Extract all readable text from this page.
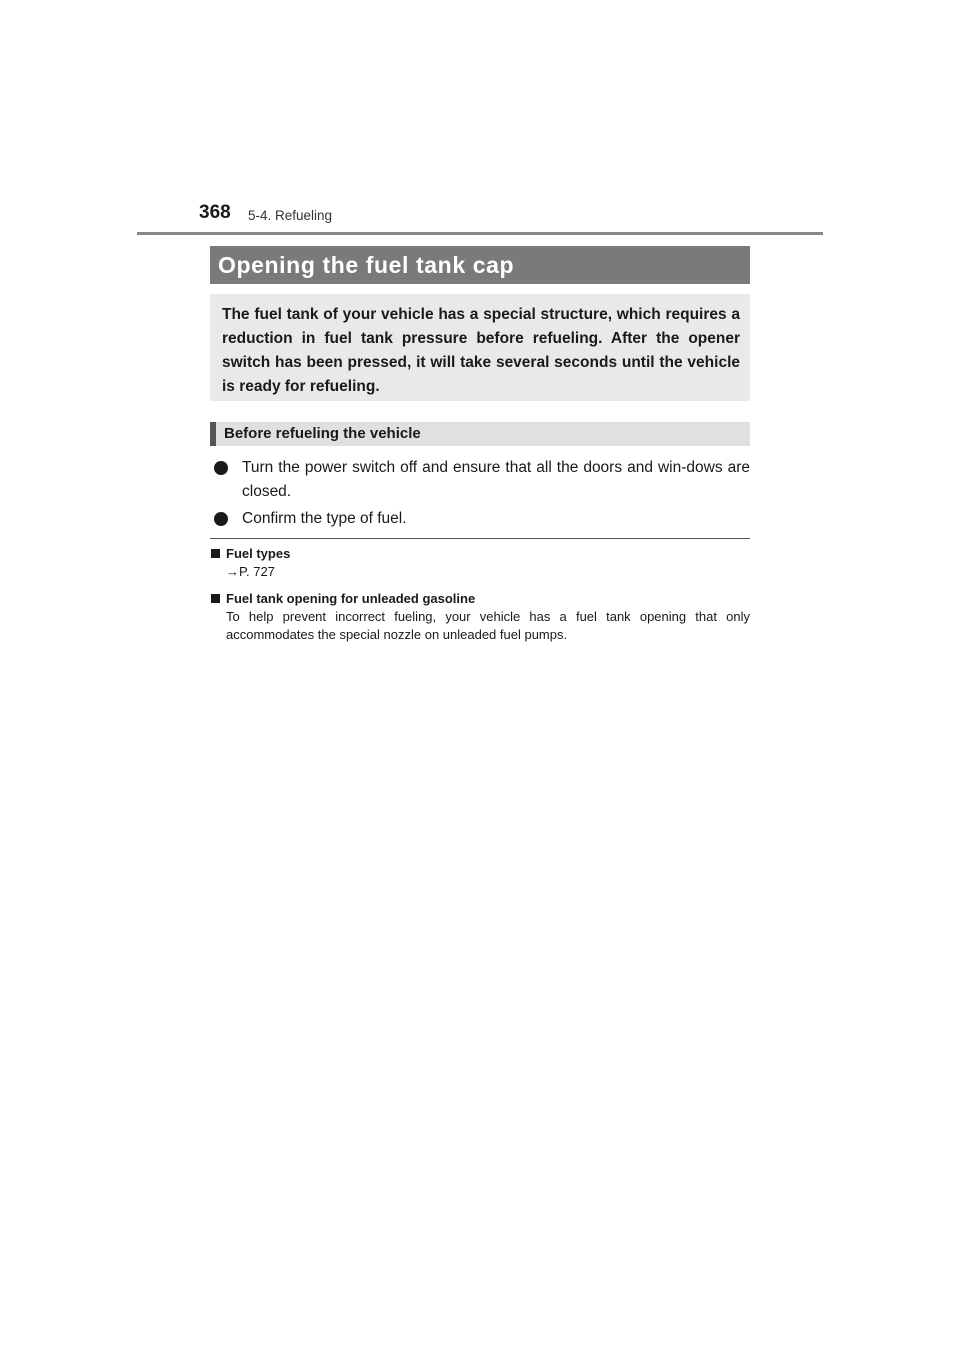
368 5-4. Refueling
Opening the fuel tank cap
The fuel tank of your vehicle has a special structure, which requires a reduction in fuel tank pressure before refueling. After the opener switch has been pressed, it will take several seconds until the vehicle is ready for refueling.
Before refueling the vehicle
Turn the power switch off and ensure that all the doors and win-dows are closed.
Confirm the type of fuel.
Fuel types
→P. 727
Fuel tank opening for unleaded gasoline
To help prevent incorrect fueling, your vehicle has a fuel tank opening that only accommodates the special nozzle on unleaded fuel pumps.
